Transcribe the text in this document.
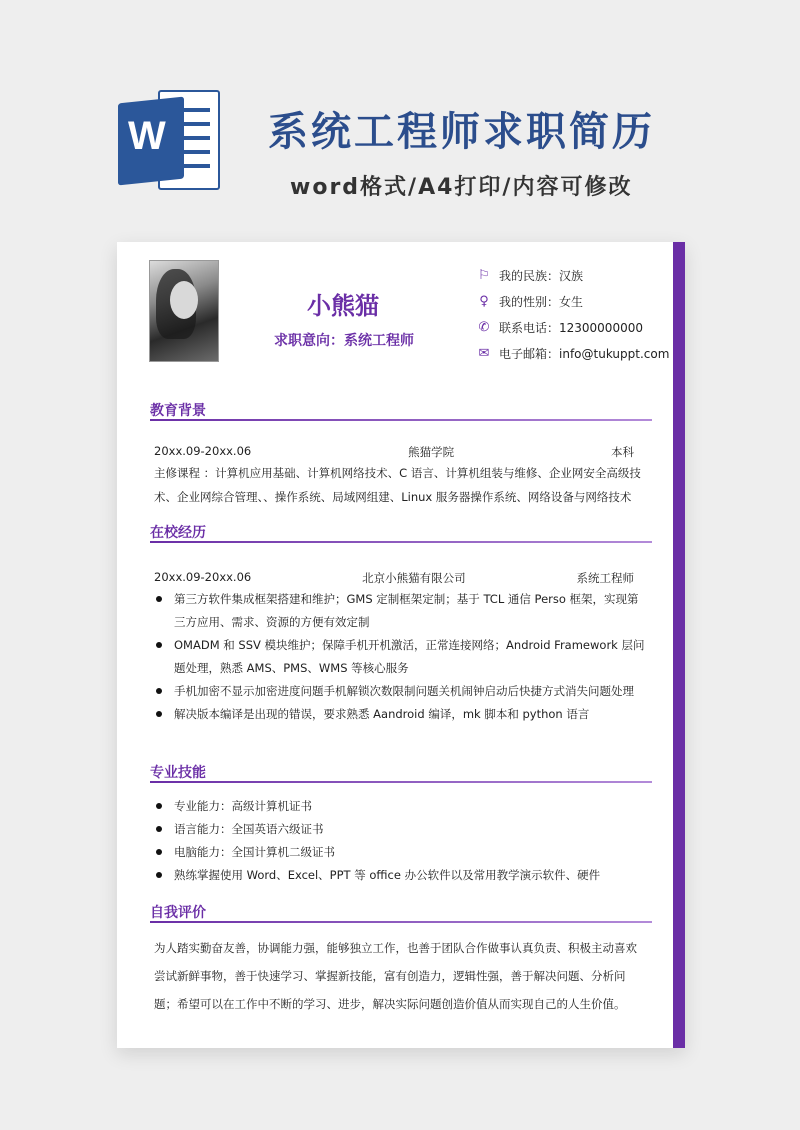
W	系统工程师求职简历
word格式/A4打印/内容可修改
小熊猫
求职意向：系统工程师
⚐ 我的民族：汉族
♀ 我的性别：女生
✆ 联系电话：12300000000
✉ 电子邮箱：info@tukuppt.com
教育背景
20xx.09-20xx.06	熊猫学院	本科
主修课程 ：计算机应用基础、计算机网络技术、C 语言、计算机组装与维修、企业网安全高级技术、企业网综合管理、、操作系统、局域网组建、Linux 服务器操作系统、网络设备与网络技术
在校经历
20xx.09-20xx.06	北京小熊猫有限公司	系统工程师
第三方软件集成框架搭建和维护；GMS 定制框架定制；基于 TCL 通信 Perso 框架，实现第三方应用、需求、资源的方便有效定制
OMADM 和 SSV 模块维护；保障手机开机激活，正常连接网络；Android Framework 层问题处理，熟悉 AMS、PMS、WMS 等核心服务
手机加密不显示加密进度问题手机解锁次数限制问题关机闹钟启动后快捷方式消失问题处理
解决版本编译是出现的错误，要求熟悉 Aandroid 编译，mk 脚本和 python 语言
专业技能
专业能力：高级计算机证书
语言能力：全国英语六级证书
电脑能力：全国计算机二级证书
熟练掌握使用 Word、Excel、PPT 等 office 办公软件以及常用教学演示软件、硬件
自我评价
为人踏实勤奋友善，协调能力强，能够独立工作，也善于团队合作做事认真负责、积极主动喜欢尝试新鲜事物，善于快速学习、掌握新技能，富有创造力，逻辑性强，善于解决问题、分析问题；希望可以在工作中不断的学习、进步，解决实际问题创造价值从而实现自己的人生价值。
